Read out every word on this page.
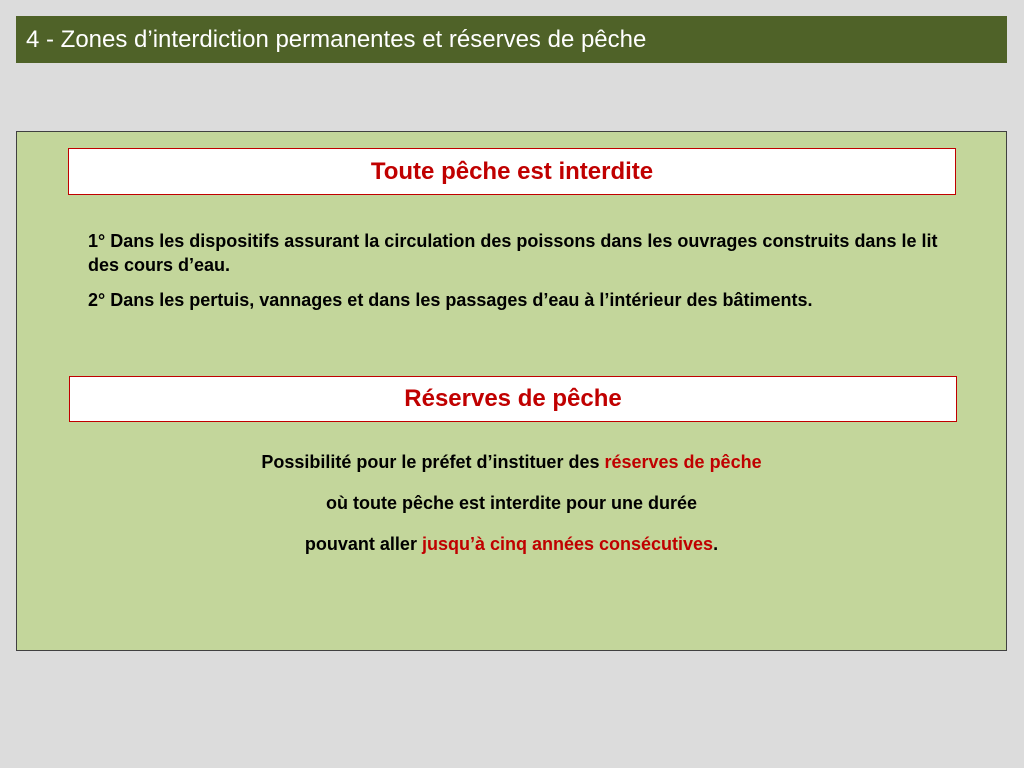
4 - Zones d’interdiction permanentes et réserves de pêche
Toute pêche est interdite

1° Dans les dispositifs assurant la circulation des poissons dans les ouvrages construits dans le lit des cours d’eau.

2° Dans les pertuis, vannages et dans les passages d’eau à l’intérieur des bâtiments.

Réserves de pêche

Possibilité pour le préfet d’instituer des réserves de pêche

où toute pêche est interdite pour une durée

pouvant aller jusqu’à cinq années consécutives.
